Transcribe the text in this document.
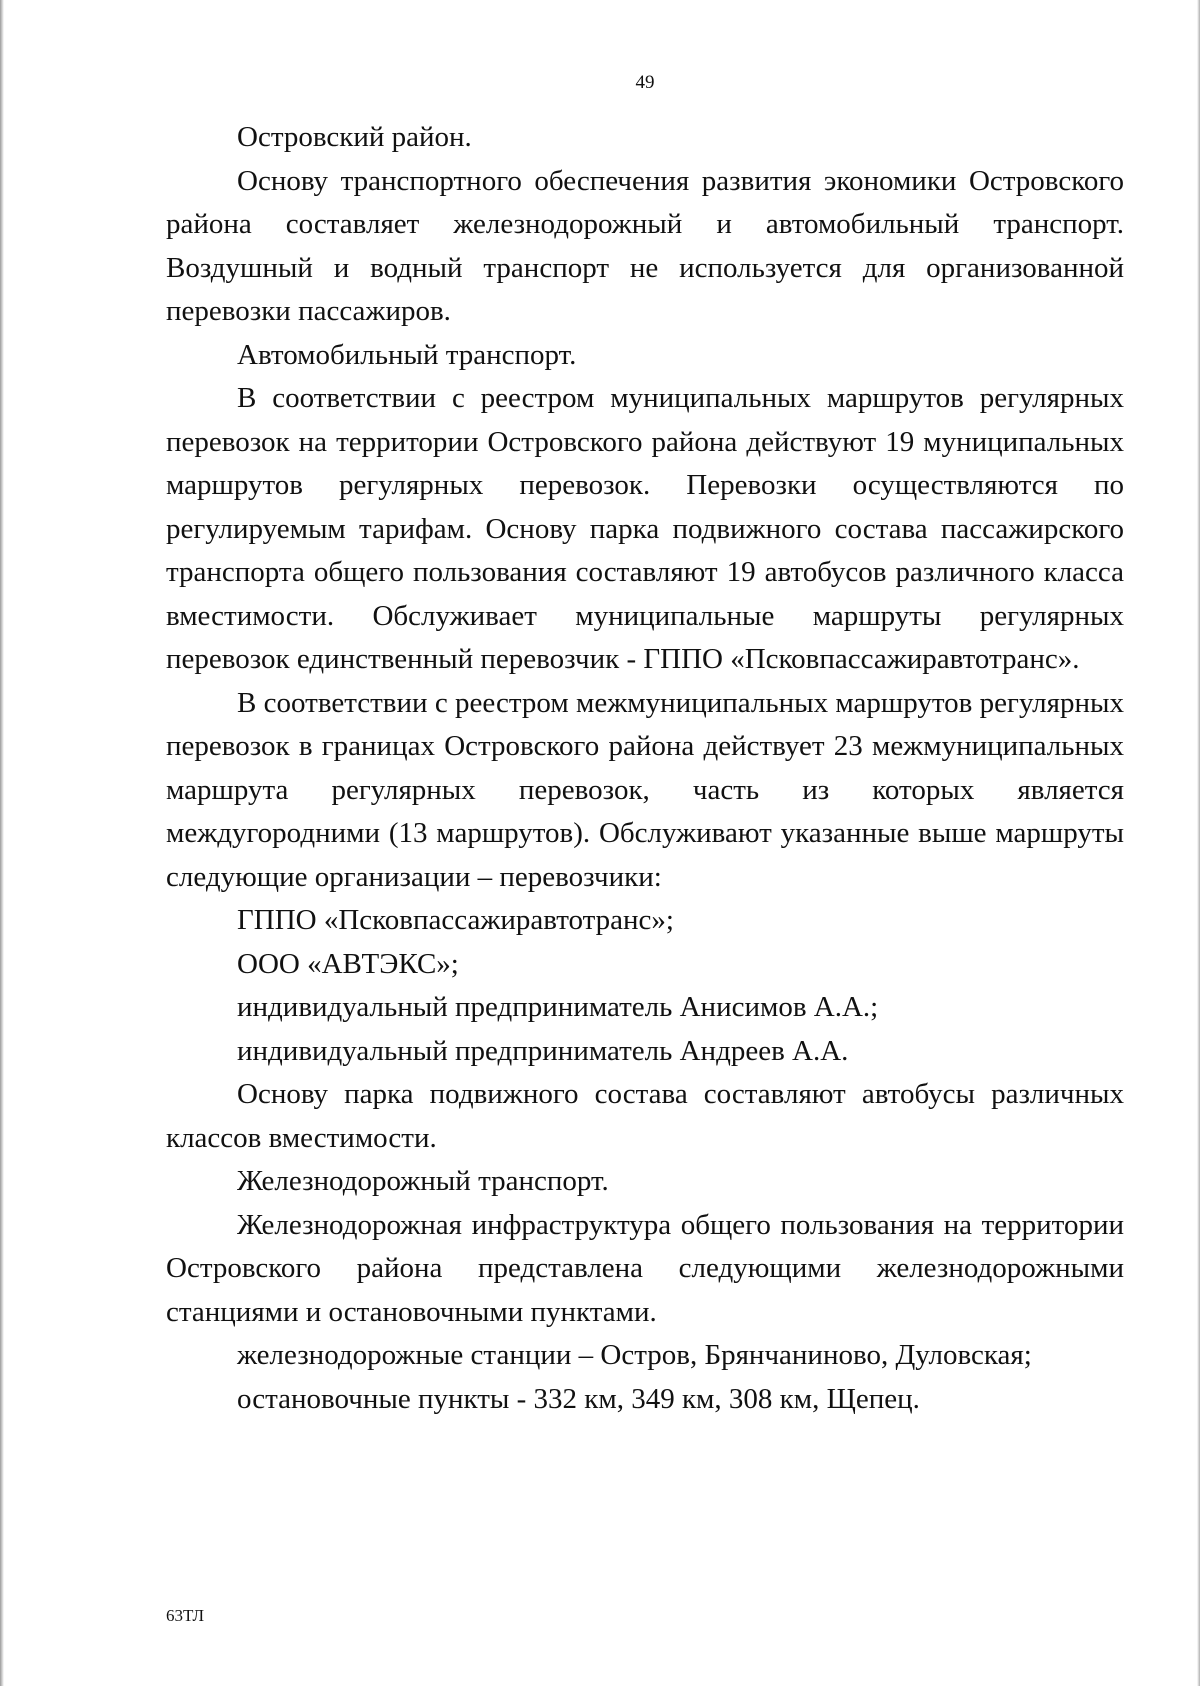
49

Островский район.

Основу транспортного обеспечения развития экономики Островского района составляет железнодорожный и автомобильный транспорт. Воздушный и водный транспорт не используется для организованной перевозки пассажиров.

Автомобильный транспорт.

В соответствии с реестром муниципальных маршрутов регулярных перевозок на территории Островского района действуют 19 муниципальных маршрутов регулярных перевозок. Перевозки осуществляются по регулируемым тарифам. Основу парка подвижного состава пассажирского транспорта общего пользования составляют 19 автобусов различного класса вместимости. Обслуживает муниципальные маршруты регулярных перевозок единственный перевозчик - ГППО «Псковпассажиравтотранс».

В соответствии с реестром межмуниципальных маршрутов регулярных перевозок в границах Островского района действует 23 межмуниципальных маршрута регулярных перевозок, часть из которых является междугородними (13 маршрутов). Обслуживают указанные выше маршруты следующие организации – перевозчики:

ГППО «Псковпассажиравтотранс»;

ООО «АВТЭКС»;

индивидуальный предприниматель Анисимов А.А.;

индивидуальный предприниматель Андреев А.А.

Основу парка подвижного состава составляют автобусы различных классов вместимости.

Железнодорожный транспорт.

Железнодорожная инфраструктура общего пользования на территории Островского района представлена следующими железнодорожными станциями и остановочными пунктами.

железнодорожные станции – Остров, Брянчаниново, Дуловская;

остановочные пункты - 332 км, 349 км, 308 км, Щепец.

63ТЛ
